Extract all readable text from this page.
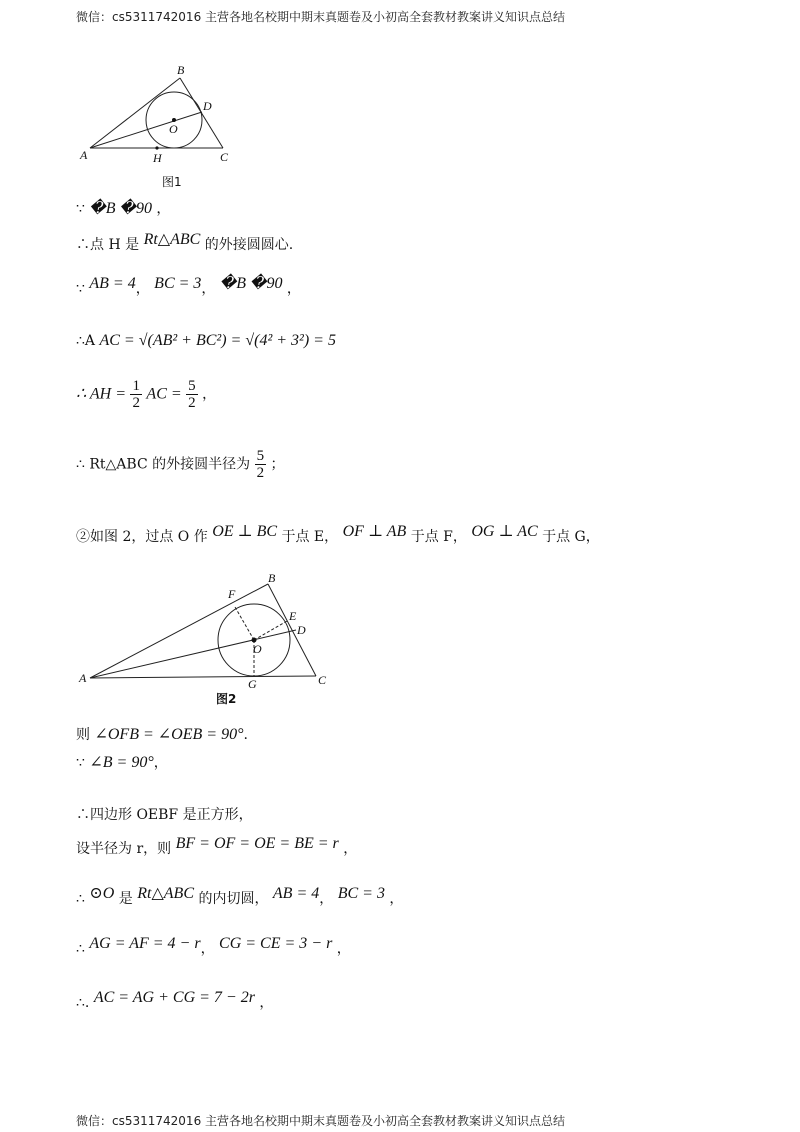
微信：cs5311742016 主营各地名校期中期末真题卷及小初高全套教材教案讲义知识点总结
A
B
C
D
O
H
图1
∵ �B �90 ，
∴点 H 是 Rt△ABC 的外接圆圆心.
∵ AB = 4， BC = 3， �B �90 ，
∴A AC = √(AB² + BC²) = √(4² + 3²) = 5
∴ AH = $\frac{1}{2}$ AC = $\frac{5}{2}$ ，
∴ Rt△ABC 的外接圆半径为 $\frac{5}{2}$ ；
②如图 2，过点 O 作 OE ⊥ BC 于点 E， OF ⊥ AB 于点 F， OG ⊥ AC 于点 G，
A
B
C
D
E
F
G
O
图2
则 ∠OFB = ∠OEB = 90°.
∵ ∠B = 90°，
∴四边形 OEBF 是正方形，
设半径为 r，则 BF = OF = OE = BE = r ，
∴ ⊙O 是 Rt△ABC 的内切圆， AB = 4， BC = 3 ，
∴ AG = AF = 4 − r， CG = CE = 3 − r ，
∴. AC = AG + CG = 7 − 2r ，
微信：cs5311742016 主营各地名校期中期末真题卷及小初高全套教材教案讲义知识点总结
